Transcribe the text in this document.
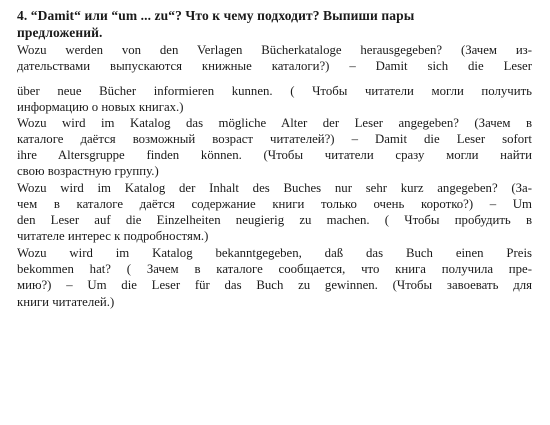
4. “Damit“ или “um ... zu“? Что к чему подходит? Выпиши пары
предложений.
Wozu werden von den Verlagen Bücherkataloge herausgegeben? (Зачем из-
дательствами выпускаются книжные каталоги?) – Damit sich die Leser
über neue Bücher informieren kunnen. ( Чтобы читатели могли получить
информацию о новых книгах.)
Wozu wird im Katalog das mögliche Alter der Leser angegeben? (Зачем в
каталоге даётся возможный возраст читателей?) – Damit die Leser sofort
ihre Altersgruppe finden können. (Чтобы читатели сразу могли найти
свою возрастную группу.)
Wozu wird im Katalog der Inhalt des Buches nur sehr kurz angegeben? (За-
чем в каталоге даётся содержание книги только очень коротко?) – Um
den Leser auf die Einzelheiten neugierig zu machen. ( Чтобы пробудить в
читателе интерес к подробностям.)
Wozu wird im Katalog bekanntgegeben, daß das Buch einen Preis
bekommen hat? ( Зачем в каталоге сообщается, что книга получила пре-
мию?) – Um die Leser für das Buch zu gewinnen. (Чтобы завоевать для
книги читателей.)
